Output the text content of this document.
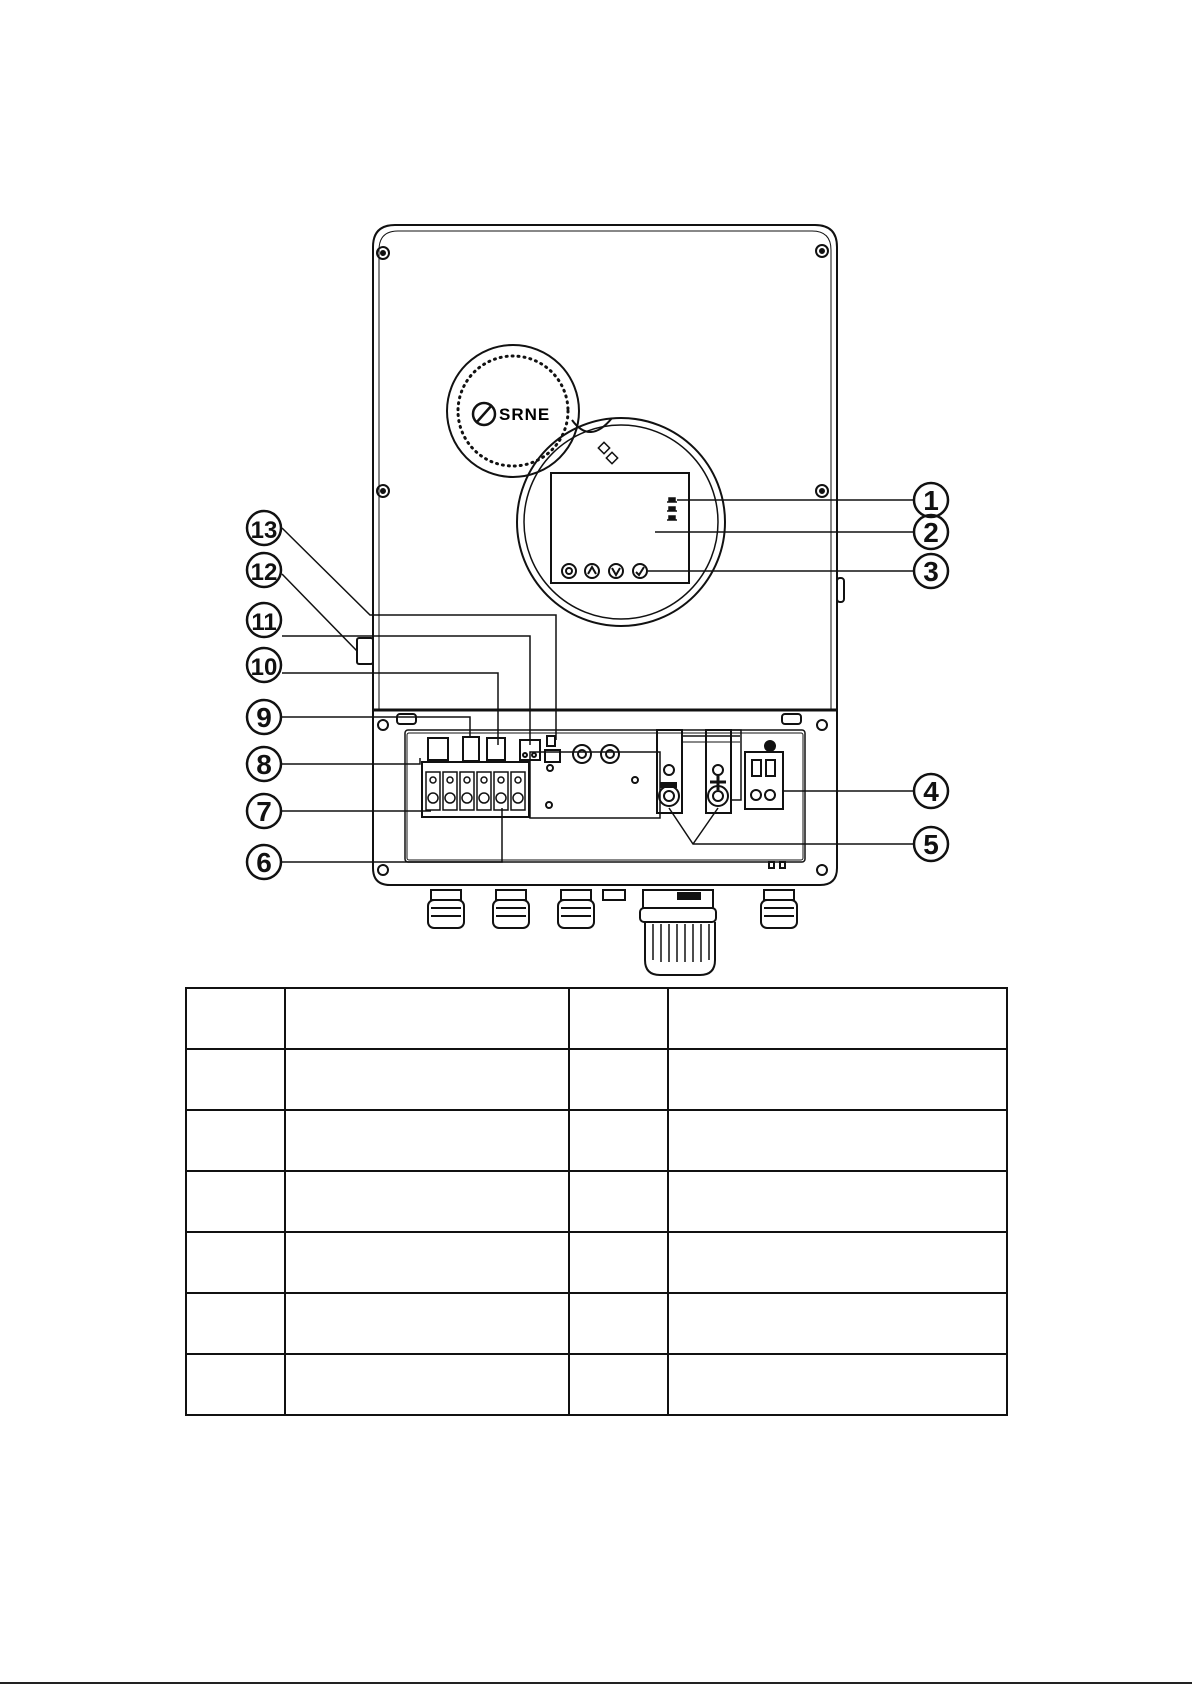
SRNE
1
2
3
4
5
6
7
8
9
10
11
12
13
